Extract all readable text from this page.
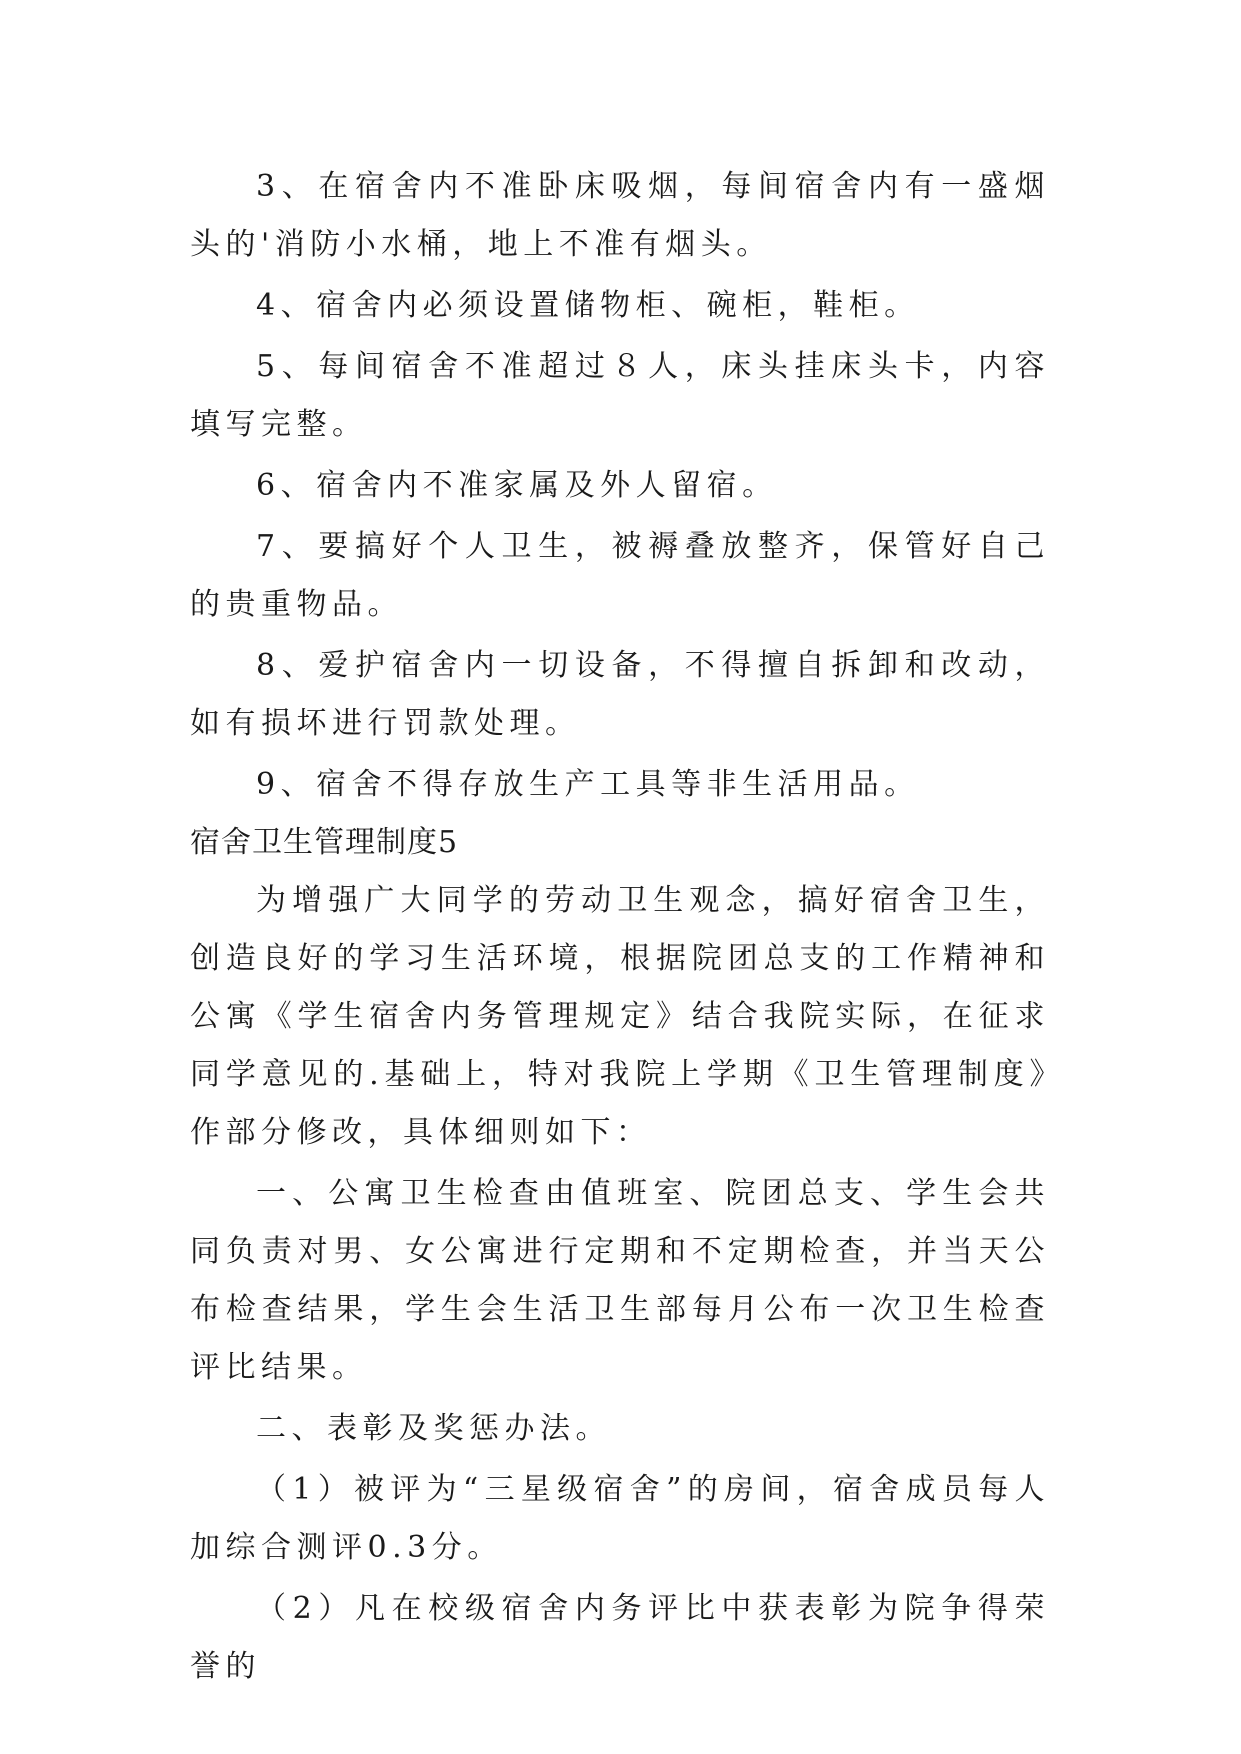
3、在宿舍内不准卧床吸烟，每间宿舍内有一盛烟头的'消防小水桶，地上不准有烟头。

4、宿舍内必须设置储物柜、碗柜，鞋柜。

5、每间宿舍不准超过８人，床头挂床头卡，内容填写完整。

6、宿舍内不准家属及外人留宿。

7、要搞好个人卫生，被褥叠放整齐，保管好自己的贵重物品。

8、爱护宿舍内一切设备，不得擅自拆卸和改动，如有损坏进行罚款处理。

9、宿舍不得存放生产工具等非生活用品。

宿舍卫生管理制度5

为增强广大同学的劳动卫生观念，搞好宿舍卫生，创造良好的学习生活环境，根据院团总支的工作精神和公寓《学生宿舍内务管理规定》结合我院实际，在征求同学意见的.基础上，特对我院上学期《卫生管理制度》作部分修改，具体细则如下：

一、公寓卫生检查由值班室、院团总支、学生会共同负责对男、女公寓进行定期和不定期检查，并当天公布检查结果，学生会生活卫生部每月公布一次卫生检查评比结果。

二、表彰及奖惩办法。

（1）被评为“三星级宿舍”的房间，宿舍成员每人加综合测评0.3分。

（2）凡在校级宿舍内务评比中获表彰为院争得荣誉的
